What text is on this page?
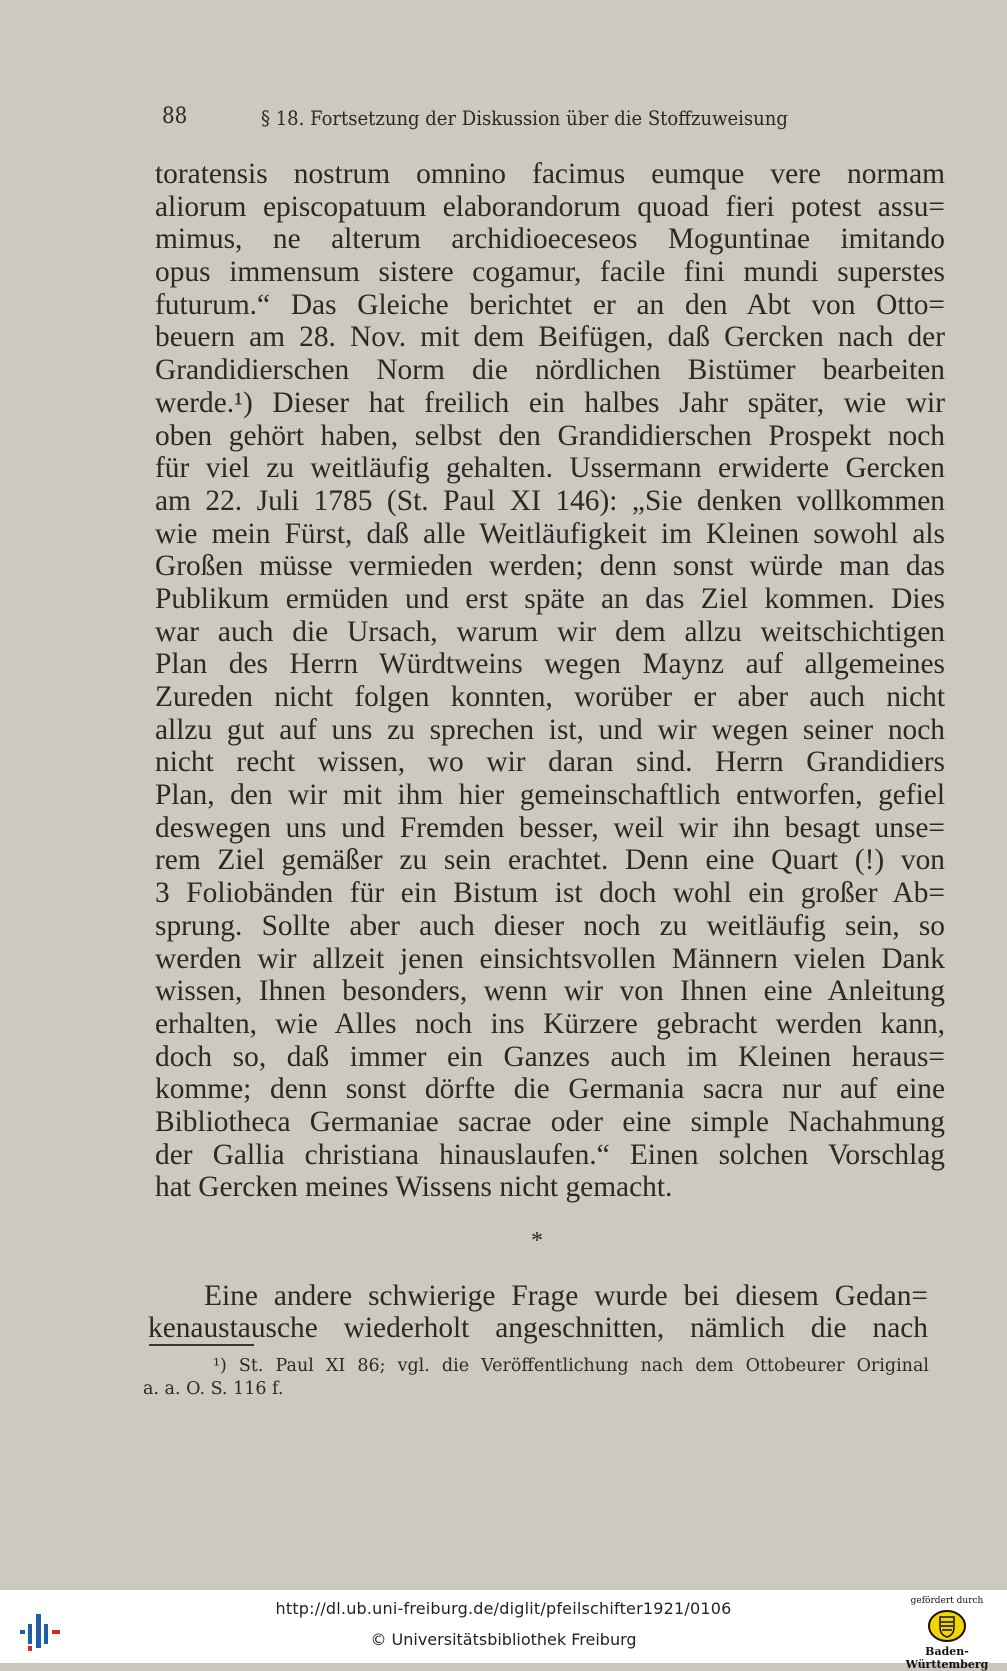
88	§ 18. Fortsetzung der Diskussion über die Stoffzuweisung
toratensis nostrum omnino facimus eumque vere normam
aliorum episcopatuum elaborandorum quoad fieri potest assu=
mimus, ne alterum archidioeceseos Moguntinae imitando
opus immensum sistere cogamur, facile fini mundi superstes
futurum.“ Das Gleiche berichtet er an den Abt von Otto=
beuern am 28. Nov. mit dem Beifügen, daß Gercken nach der
Grandidierschen Norm die nördlichen Bistümer bearbeiten
werde.¹) Dieser hat freilich ein halbes Jahr später, wie wir
oben gehört haben, selbst den Grandidierschen Prospekt noch
für viel zu weitläufig gehalten. Ussermann erwiderte Gercken
am 22. Juli 1785 (St. Paul XI 146): „Sie denken vollkommen
wie mein Fürst, daß alle Weitläufigkeit im Kleinen sowohl als
Großen müsse vermieden werden; denn sonst würde man das
Publikum ermüden und erst späte an das Ziel kommen. Dies
war auch die Ursach, warum wir dem allzu weitschichtigen
Plan des Herrn Würdtweins wegen Maynz auf allgemeines
Zureden nicht folgen konnten, worüber er aber auch nicht
allzu gut auf uns zu sprechen ist, und wir wegen seiner noch
nicht recht wissen, wo wir daran sind. Herrn Grandidiers
Plan, den wir mit ihm hier gemeinschaftlich entworfen, gefiel
deswegen uns und Fremden besser, weil wir ihn besagt unse=
rem Ziel gemäßer zu sein erachtet. Denn eine Quart (!) von
3 Foliobänden für ein Bistum ist doch wohl ein großer Ab=
sprung. Sollte aber auch dieser noch zu weitläufig sein, so
werden wir allzeit jenen einsichtsvollen Männern vielen Dank
wissen, Ihnen besonders, wenn wir von Ihnen eine Anleitung
erhalten, wie Alles noch ins Kürzere gebracht werden kann,
doch so, daß immer ein Ganzes auch im Kleinen heraus=
komme; denn sonst dörfte die Germania sacra nur auf eine
Bibliotheca Germaniae sacrae oder eine simple Nachahmung
der Gallia christiana hinauslaufen.“ Einen solchen Vorschlag
hat Gercken meines Wissens nicht gemacht.
*
Eine andere schwierige Frage wurde bei diesem Gedan=
kenaustausche wiederholt angeschnitten, nämlich die nach
¹) St. Paul XI 86; vgl. die Veröffentlichung nach dem Ottobeurer Original
a. a. O. S. 116 f.
http://dl.ub.uni-freiburg.de/diglit/pfeilschifter1921/0106
© Universitätsbibliothek Freiburg
gefördert durch
Baden-Württemberg
